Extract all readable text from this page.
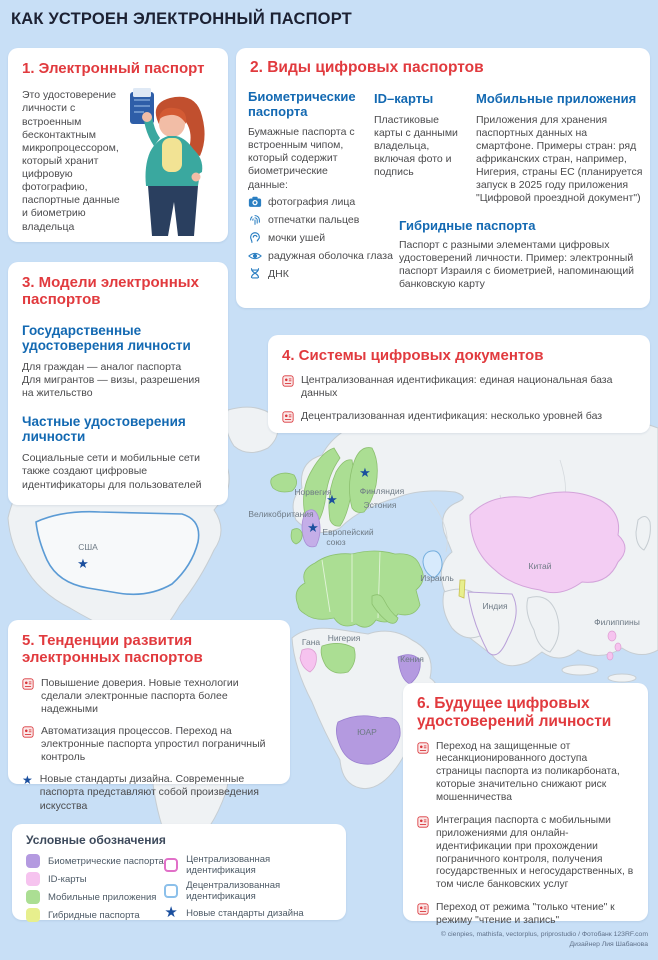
КАК УСТРОЕН ЭЛЕКТРОННЫЙ ПАСПОРТ
★
★
★
★
США
Великобритания
Норвегия	Финляндия
Эстония
Европейский
союз
Израиль
Китай
Индия
Филиппины
Гана Нигерия
Кения
ЮАР
1. Электронный паспорт
Это удостоверение личности с встроенным бесконтактным микропроцессором, который хранит цифровую фотографию, паспортные данные и биометрию владельца
2. Виды цифровых паспортов
Биометрические паспорта
Бумажные паспорта с встроенным чипом, который содержит биометрические данные:
фотография лица
отпечатки пальцев
мочки ушей
радужная оболочка глаза
ДНК
ID–карты
Пластиковые карты с данными владельца, включая фото и подпись
Мобильные приложения
Приложения для хранения паспортных данных на смартфоне. Примеры стран: ряд африканских стран, например, Нигерия, страны ЕС (планируется запуск в 2025 году приложения "Цифровой проездной документ")
Гибридные паспорта
Паспорт с разными элементами цифровых удостоверений личности. Пример: электронный паспорт Израиля с биометрией, напоминающий банковскую карту
3. Модели электронных паспортов
Государственные удостоверения личности
Для граждан — аналог паспорта
Для мигрантов — визы, разрешения на жительство
Частные удостоверения личности
Социальные сети и мобильные сети также создают цифровые идентификаторы для пользователей
4. Системы цифровых документов
Централизованная идентификация: единая национальная база данных
Децентрализованная идентификация: несколько уровней баз
5. Тенденции развития электронных паспортов
Повышение доверия. Новые технологии сделали электронные паспорта более надежными
Автоматизация процессов. Переход на электронные паспорта упростил пограничный контроль
★ Новые стандарты дизайна. Современные паспорта представляют собой произведения искусства
6. Будущее цифровых удостоверений личности
Переход на защищенные от несанкционированного доступа страницы паспорта из поликарбоната, которые значительно снижают риск мошенничества
Интеграция паспорта с мобильными приложениями для онлайн-идентификации при прохождении пограничного контроля, получения государственных и негосударственных, в том числе банковских услуг
Переход от режима "только чтение" к режиму "чтение и запись"
Условные обозначения
Биометрические паспорта
ID-карты
Мобильные приложения
Гибридные паспорта
Централизованная идентификация
Децентрализованная идентификация
★ Новые стандарты дизайна
© cienpies, mathisfa, vectorplus, priprostudio / Фотобанк 123RF.com
Дизайнер Лия Шабанова
